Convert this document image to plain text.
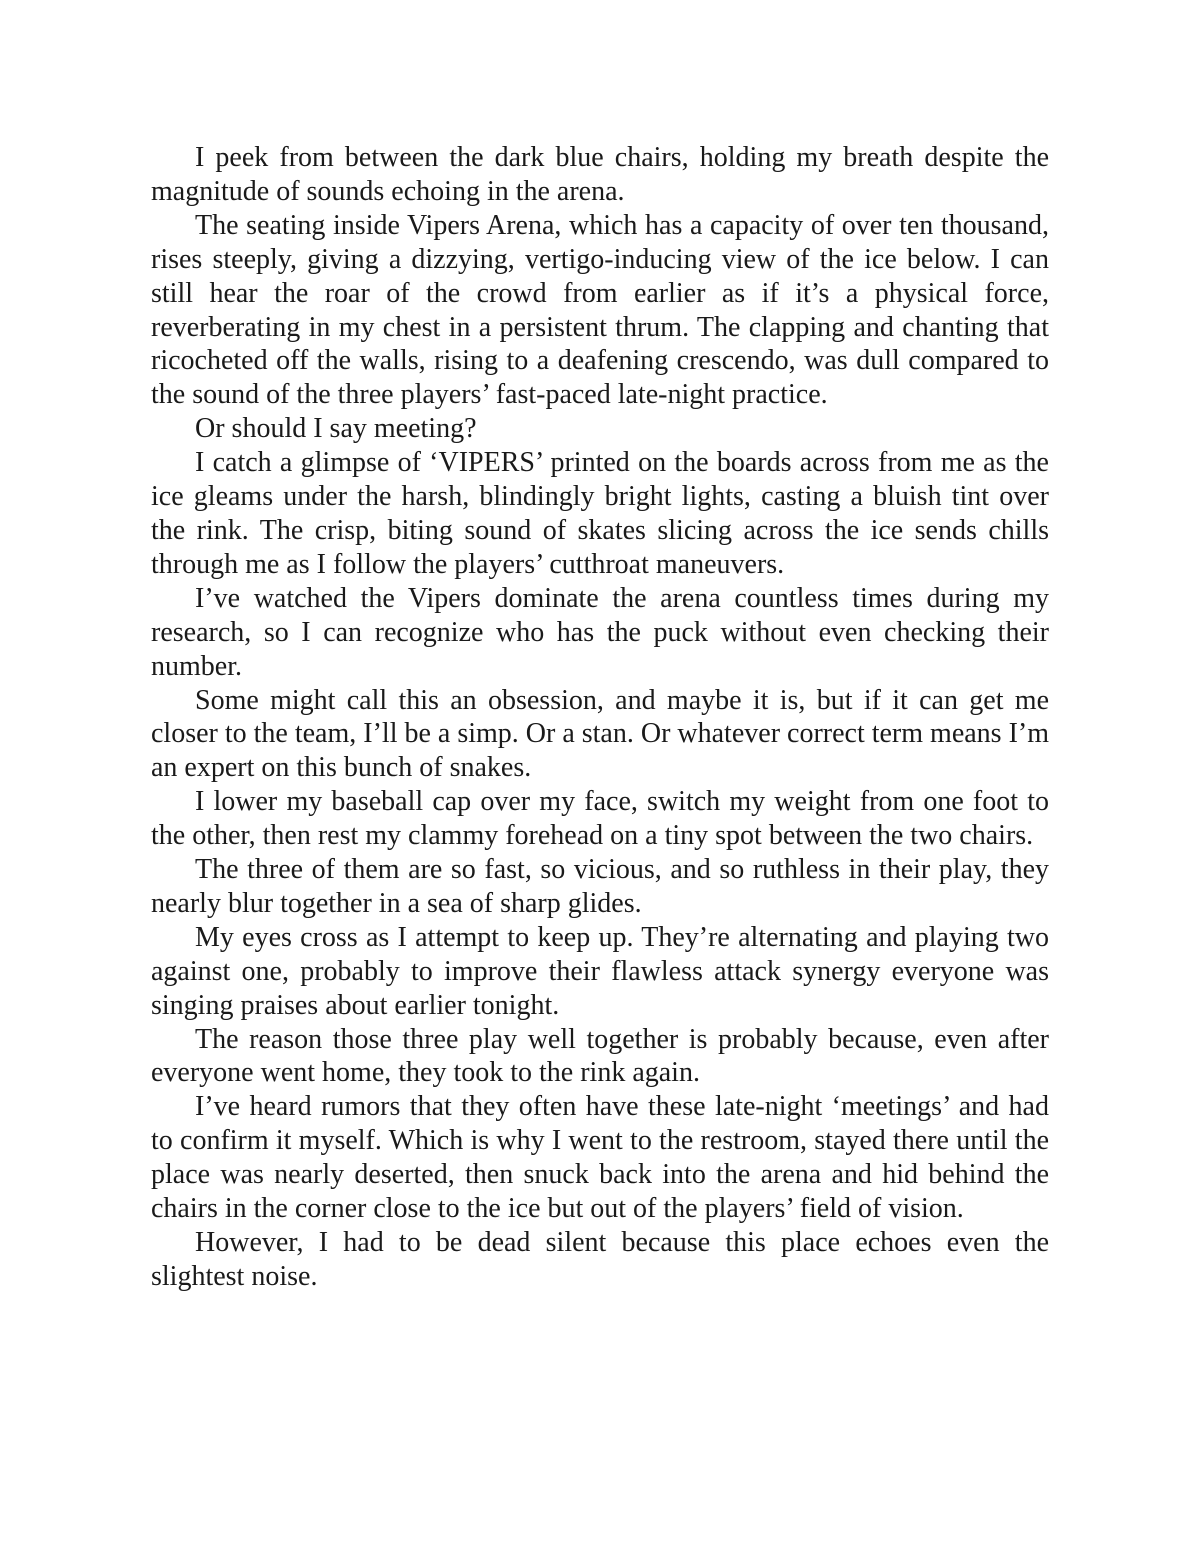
I peek from between the dark blue chairs, holding my breath despite the magnitude of sounds echoing in the arena.

The seating inside Vipers Arena, which has a capacity of over ten thousand, rises steeply, giving a dizzying, vertigo-inducing view of the ice below. I can still hear the roar of the crowd from earlier as if it’s a physical force, reverberating in my chest in a persistent thrum. The clapping and chanting that ricocheted off the walls, rising to a deafening crescendo, was dull compared to the sound of the three players’ fast-paced late-night practice.

Or should I say meeting?

I catch a glimpse of ‘VIPERS’ printed on the boards across from me as the ice gleams under the harsh, blindingly bright lights, casting a bluish tint over the rink. The crisp, biting sound of skates slicing across the ice sends chills through me as I follow the players’ cutthroat maneuvers.

I’ve watched the Vipers dominate the arena countless times during my research, so I can recognize who has the puck without even checking their number.

Some might call this an obsession, and maybe it is, but if it can get me closer to the team, I’ll be a simp. Or a stan. Or whatever correct term means I’m an expert on this bunch of snakes.

I lower my baseball cap over my face, switch my weight from one foot to the other, then rest my clammy forehead on a tiny spot between the two chairs.

The three of them are so fast, so vicious, and so ruthless in their play, they nearly blur together in a sea of sharp glides.

My eyes cross as I attempt to keep up. They’re alternating and playing two against one, probably to improve their flawless attack synergy everyone was singing praises about earlier tonight.

The reason those three play well together is probably because, even after everyone went home, they took to the rink again.

I’ve heard rumors that they often have these late-night ‘meetings’ and had to confirm it myself. Which is why I went to the restroom, stayed there until the place was nearly deserted, then snuck back into the arena and hid behind the chairs in the corner close to the ice but out of the players’ field of vision.

However, I had to be dead silent because this place echoes even the slightest noise.
